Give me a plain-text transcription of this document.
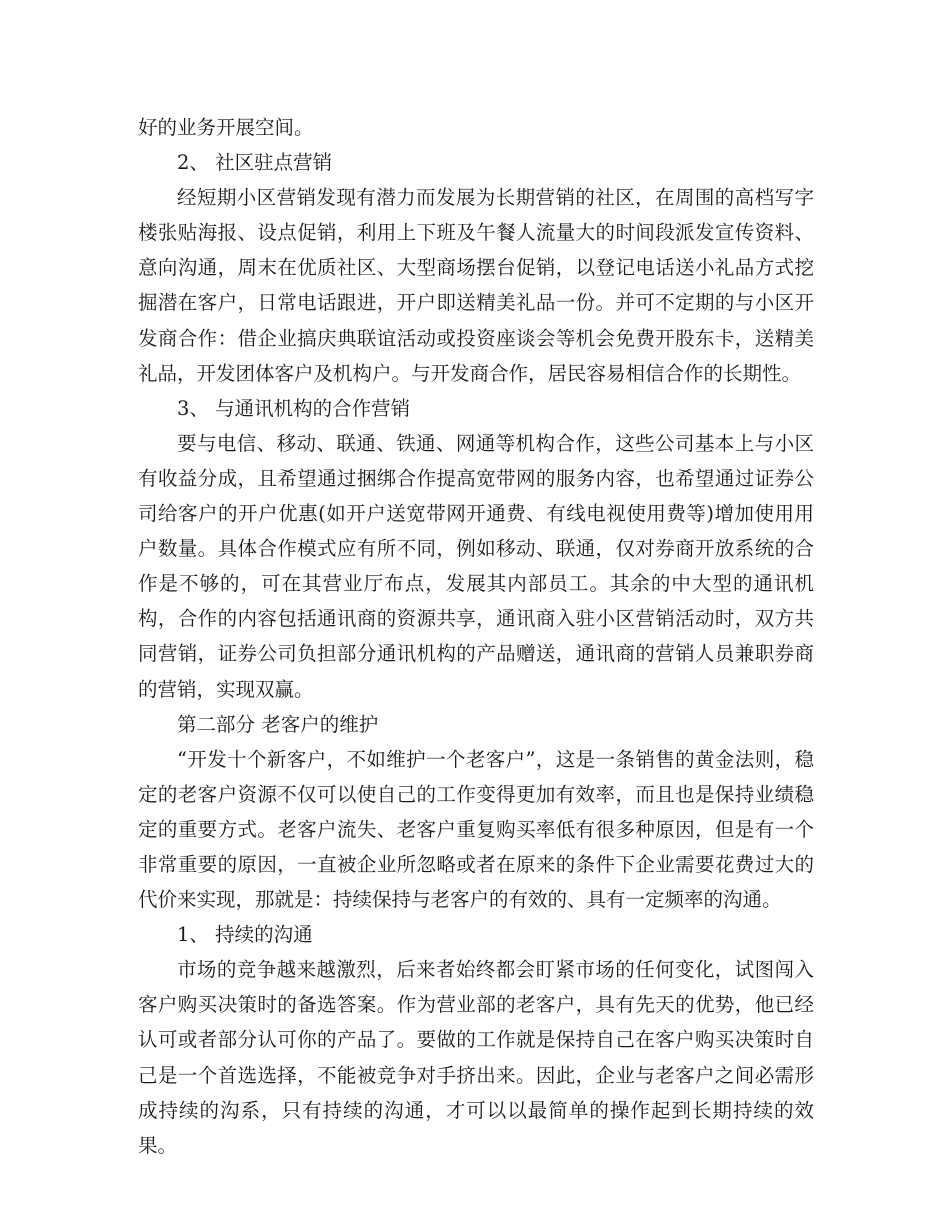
好的业务开展空间。

2、 社区驻点营销

经短期小区营销发现有潜力而发展为长期营销的社区，在周围的高档写字楼张贴海报、设点促销，利用上下班及午餐人流量大的时间段派发宣传资料、意向沟通，周末在优质社区、大型商场摆台促销，以登记电话送小礼品方式挖掘潜在客户，日常电话跟进，开户即送精美礼品一份。并可不定期的与小区开发商合作：借企业搞庆典联谊活动或投资座谈会等机会免费开股东卡，送精美礼品，开发团体客户及机构户。与开发商合作，居民容易相信合作的长期性。

3、 与通讯机构的合作营销

要与电信、移动、联通、铁通、网通等机构合作，这些公司基本上与小区有收益分成，且希望通过捆绑合作提高宽带网的服务内容，也希望通过证券公司给客户的开户优惠(如开户送宽带网开通费、有线电视使用费等)增加使用用户数量。具体合作模式应有所不同，例如移动、联通，仅对券商开放系统的合作是不够的，可在其营业厅布点，发展其内部员工。其余的中大型的通讯机构，合作的内容包括通讯商的资源共享，通讯商入驻小区营销活动时，双方共同营销，证券公司负担部分通讯机构的产品赠送，通讯商的营销人员兼职券商的营销，实现双赢。

第二部分 老客户的维护

“开发十个新客户，不如维护一个老客户”，这是一条销售的黄金法则，稳定的老客户资源不仅可以使自己的工作变得更加有效率，而且也是保持业绩稳定的重要方式。老客户流失、老客户重复购买率低有很多种原因，但是有一个非常重要的原因，一直被企业所忽略或者在原来的条件下企业需要花费过大的代价来实现，那就是：持续保持与老客户的有效的、具有一定频率的沟通。

1、 持续的沟通

市场的竞争越来越激烈，后来者始终都会盯紧市场的任何变化，试图闯入客户购买决策时的备选答案。作为营业部的老客户，具有先天的优势，他已经认可或者部分认可你的产品了。要做的工作就是保持自己在客户购买决策时自己是一个首选选择，不能被竞争对手挤出来。因此，企业与老客户之间必需形成持续的沟系，只有持续的沟通，才可以以最简单的操作起到长期持续的效果。
